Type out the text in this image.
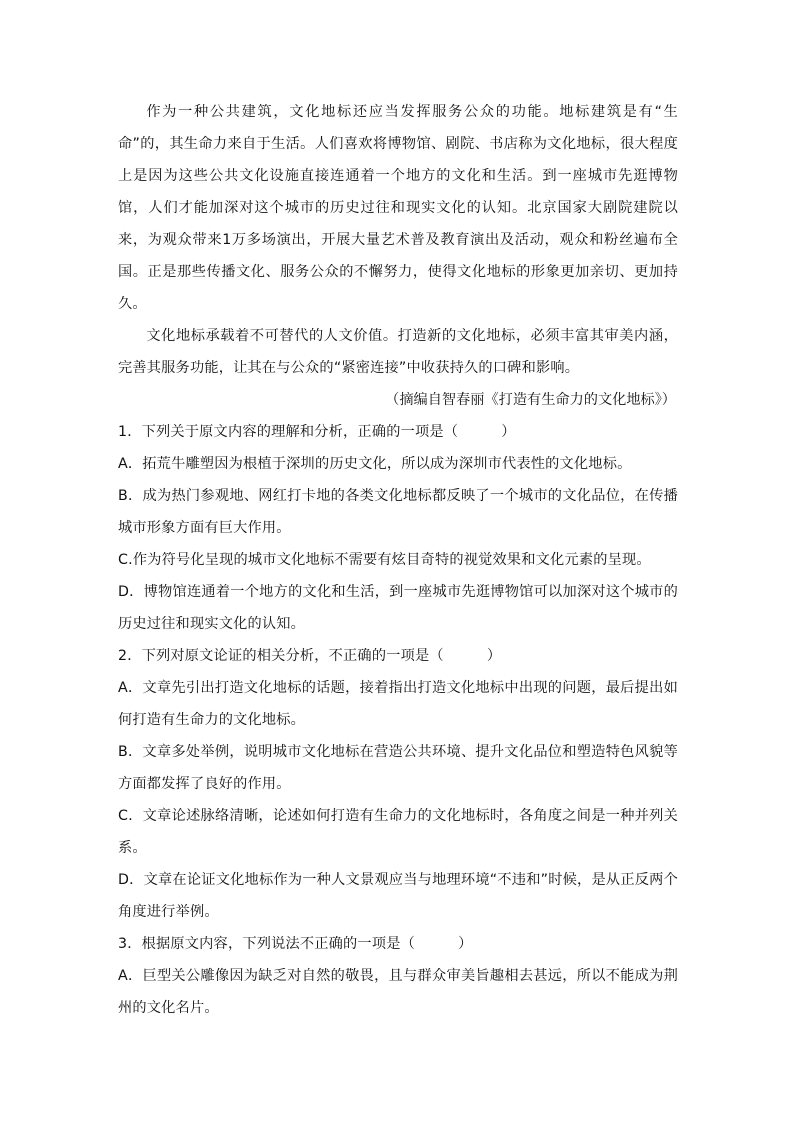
作为一种公共建筑，文化地标还应当发挥服务公众的功能。地标建筑是有“生命”的，其生命力来自于生活。人们喜欢将博物馆、剧院、书店称为文化地标，很大程度上是因为这些公共文化设施直接连通着一个地方的文化和生活。到一座城市先逛博物馆，人们才能加深对这个城市的历史过往和现实文化的认知。北京国家大剧院建院以来，为观众带来1万多场演出，开展大量艺术普及教育演出及活动，观众和粉丝遍布全国。正是那些传播文化、服务公众的不懈努力，使得文化地标的形象更加亲切、更加持久。

文化地标承载着不可替代的人文价值。打造新的文化地标，必须丰富其审美内涵，完善其服务功能，让其在与公众的“紧密连接”中收获持久的口碑和影响。

（摘编自智春丽《打造有生命力的文化地标》）

1．下列关于原文内容的理解和分析，正确的一项是（　　　）

A．拓荒牛雕塑因为根植于深圳的历史文化，所以成为深圳市代表性的文化地标。

B．成为热门参观地、网红打卡地的各类文化地标都反映了一个城市的文化品位，在传播城市形象方面有巨大作用。

C.作为符号化呈现的城市文化地标不需要有炫目奇特的视觉效果和文化元素的呈现。

D．博物馆连通着一个地方的文化和生活，到一座城市先逛博物馆可以加深对这个城市的历史过往和现实文化的认知。

2．下列对原文论证的相关分析，不正确的一项是（　　　）

A．文章先引出打造文化地标的话题，接着指出打造文化地标中出现的问题，最后提出如何打造有生命力的文化地标。

B．文章多处举例，说明城市文化地标在营造公共环境、提升文化品位和塑造特色风貌等方面都发挥了良好的作用。

C．文章论述脉络清晰，论述如何打造有生命力的文化地标时，各角度之间是一种并列关系。

D．文章在论证文化地标作为一种人文景观应当与地理环境“不违和”时候，是从正反两个角度进行举例。

3．根据原文内容，下列说法不正确的一项是（　　　）

A．巨型关公雕像因为缺乏对自然的敬畏，且与群众审美旨趣相去甚远，所以不能成为荆州的文化名片。
